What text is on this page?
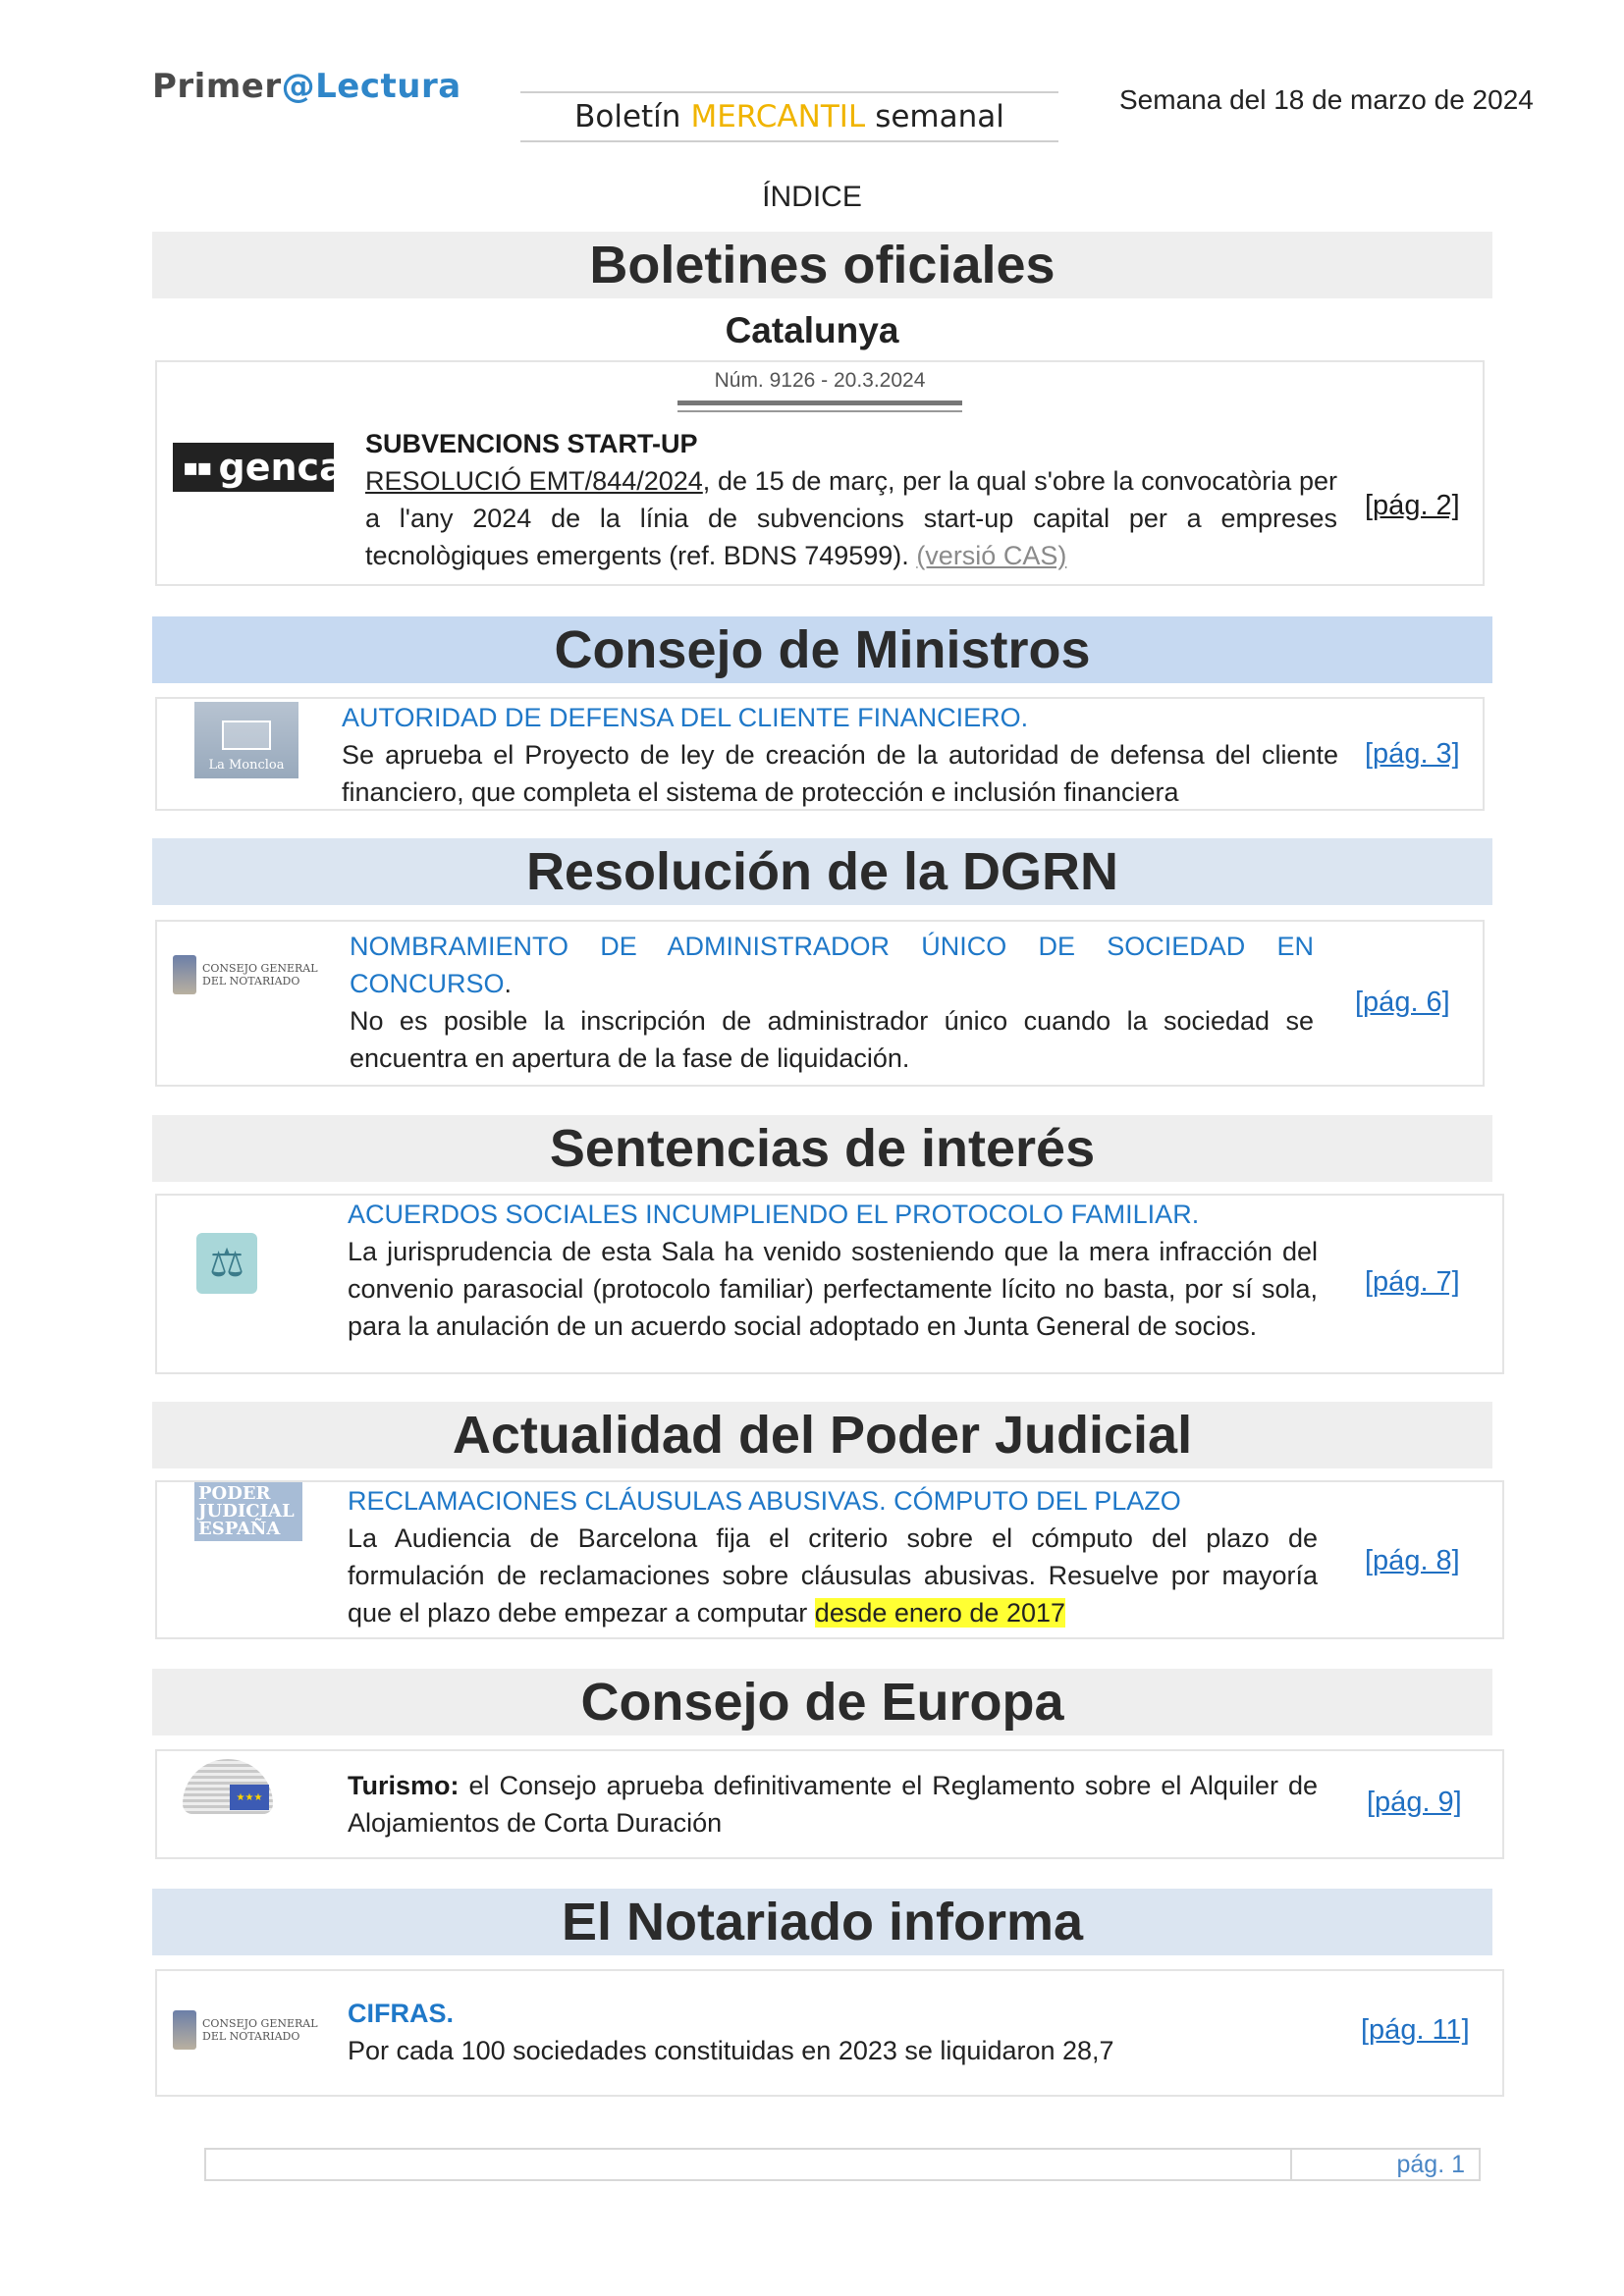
Primer@Lectura
Boletín MERCANTIL semanal	Semana del 18 de marzo de 2024
ÍNDICE
Boletines oficiales
Catalunya
▪▪ gencat
SUBVENCIONS START-UP
RESOLUCIÓ EMT/844/2024, de 15 de març, per la qual s'obre la convocatòria per a l'any 2024 de la línia de subvencions start-up capital per a empreses tecnològiques emergents (ref. BDNS 749599). (versió CAS)
[pág. 2]
Núm. 9126 - 20.3.2024
Consejo de Ministros
La Moncloa
AUTORIDAD DE DEFENSA DEL CLIENTE FINANCIERO.
Se aprueba el Proyecto de ley de creación de la autoridad de defensa del cliente financiero, que completa el sistema de protección e inclusión financiera
[pág. 3]
Resolución de la DGRN
CONSEJO GENERAL
DEL NOTARIADO
NOMBRAMIENTO DE ADMINISTRADOR ÚNICO DE SOCIEDAD EN CONCURSO.
No es posible la inscripción de administrador único cuando la sociedad se encuentra en apertura de la fase de liquidación.
[pág. 6]
Sentencias de interés
⚖
ACUERDOS SOCIALES INCUMPLIENDO EL PROTOCOLO FAMILIAR.
La jurisprudencia de esta Sala ha venido sosteniendo que la mera infracción del convenio parasocial (protocolo familiar) perfectamente lícito no basta, por sí sola, para la anulación de un acuerdo social adoptado en Junta General de socios.
[pág. 7]
Actualidad del Poder Judicial
PODER
JUDICIAL
ESPAÑA
RECLAMACIONES CLÁUSULAS ABUSIVAS. CÓMPUTO DEL PLAZO
La Audiencia de Barcelona fija el criterio sobre el cómputo del plazo de formulación de reclamaciones sobre cláusulas abusivas. Resuelve por mayoría que el plazo debe empezar a computar desde enero de 2017
[pág. 8]
Consejo de Europa
★★★	Turismo: el Consejo aprueba definitivamente el Reglamento sobre el Alquiler de Alojamientos de Corta Duración
[pág. 9]
El Notariado informa
CONSEJO GENERAL
DEL NOTARIADO
CIFRAS.
Por cada 100 sociedades constituidas en 2023 se liquidaron 28,7
[pág. 11]
pág. 1
